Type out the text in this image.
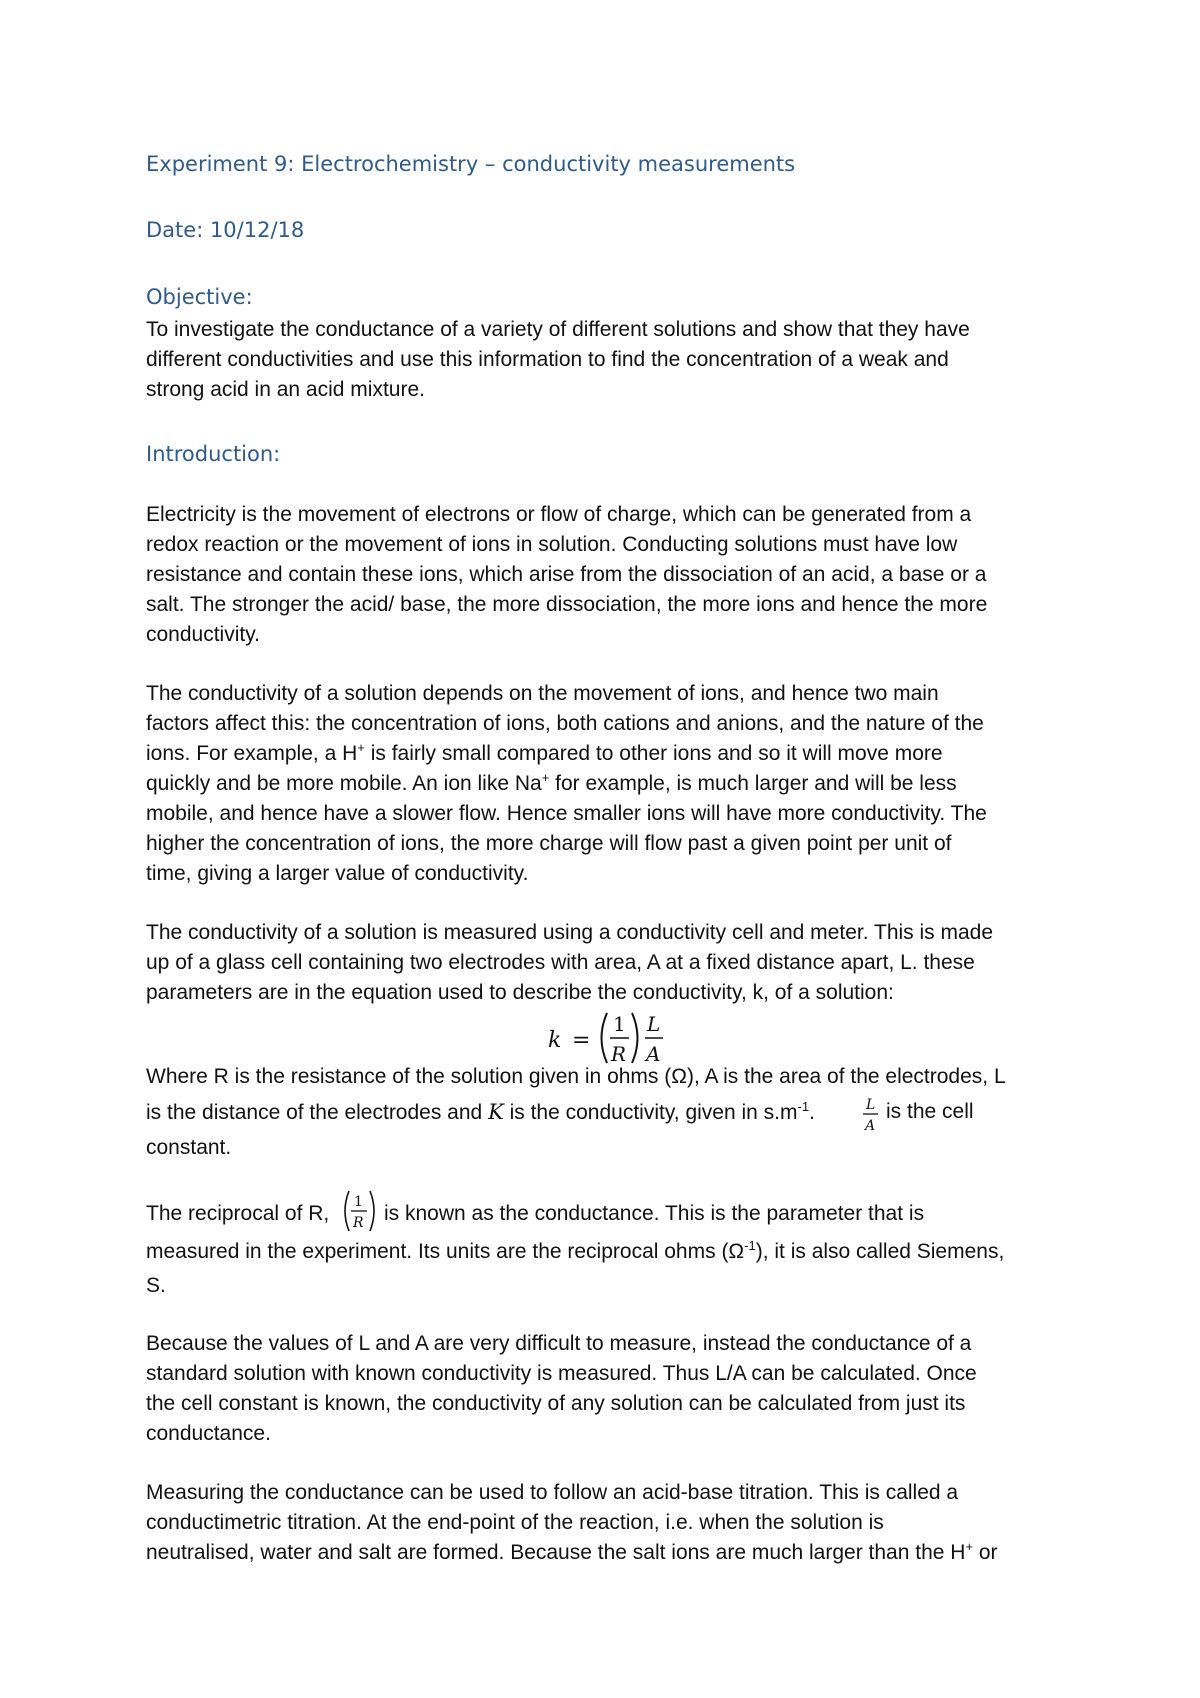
Experiment 9: Electrochemistry – conductivity measurements

Date: 10/12/18

Objective:

To investigate the conductance of a variety of different solutions and show that they have

different conductivities and use this information to find the concentration of a weak and

strong acid in an acid mixture.

Introduction:

Electricity is the movement of electrons or flow of charge, which can be generated from a

redox reaction or the movement of ions in solution. Conducting solutions must have low

resistance and contain these ions, which arise from the dissociation of an acid, a base or a

salt. The stronger the acid/ base, the more dissociation, the more ions and hence the more

conductivity.

The conductivity of a solution depends on the movement of ions, and hence two main

factors affect this: the concentration of ions, both cations and anions, and the nature of the

ions. For example, a H+ is fairly small compared to other ions and so it will move more

quickly and be more mobile. An ion like Na+ for example, is much larger and will be less

mobile, and hence have a slower flow. Hence smaller ions will have more conductivity. The

higher the concentration of ions, the more charge will flow past a given point per unit of

time, giving a larger value of conductivity.

The conductivity of a solution is measured using a conductivity cell and meter. This is made

up of a glass cell containing two electrodes with area, A at a fixed distance apart, L. these

parameters are in the equation used to describe the conductivity, k, of a solution:

k =
1
R
L
A

Where R is the resistance of the solution given in ohms (Ω), A is the area of the electrodes, L

is the distance of the electrodes and K is the conductivity, given in $s.m^{-1}$.	L
A

is the cell

constant.

The reciprocal of R, 1
R is known as the conductance. This is the parameter that is

measured in the experiment. Its units are the reciprocal ohms $(\Omega^{-1})$, it is also called Siemens,

S.

Because the values of L and A are very difficult to measure, instead the conductance of a

standard solution with known conductivity is measured. Thus L/A can be calculated. Once

the cell constant is known, the conductivity of any solution can be calculated from just its

conductance.

Measuring the conductance can be used to follow an acid-base titration. This is called a

conductimetric titration. At the end-point of the reaction, i.e. when the solution is

neutralised, water and salt are formed. Because the salt ions are much larger than the H+ or
